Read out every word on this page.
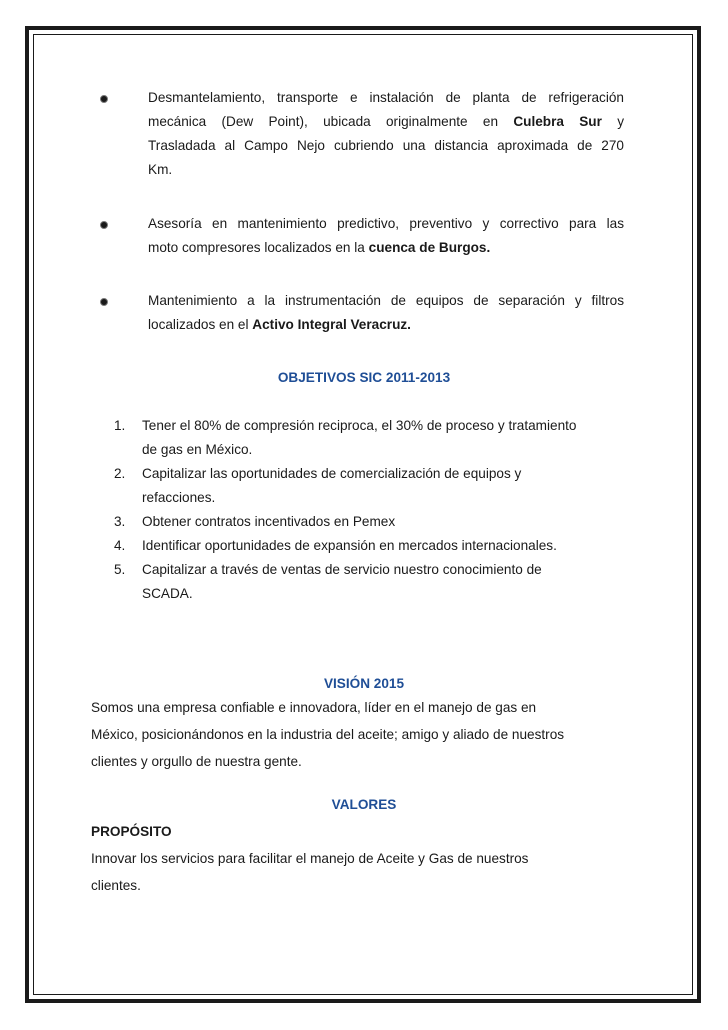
Desmantelamiento, transporte e instalación de planta de refrigeración
mecánica (Dew Point), ubicada originalmente en Culebra Sur y
Trasladada al Campo Nejo cubriendo una distancia aproximada de 270
Km.
Asesoría en mantenimiento predictivo, preventivo y correctivo para las
moto compresores localizados en la cuenca de Burgos.
Mantenimiento a la instrumentación de equipos de separación y filtros
localizados en el Activo Integral Veracruz.
OBJETIVOS SIC 2011-2013
1. Tener el 80% de compresión reciproca, el 30% de proceso y tratamiento
de gas en México.
2. Capitalizar las oportunidades de comercialización de equipos y
refacciones.
3. Obtener contratos incentivados en Pemex
4. Identificar oportunidades de expansión en mercados internacionales.
5. Capitalizar a través de ventas de servicio nuestro conocimiento de
SCADA.
VISIÓN 2015
Somos una empresa confiable e innovadora, líder en el manejo de gas en
México, posicionándonos en la industria del aceite; amigo y aliado de nuestros
clientes y orgullo de nuestra gente.
VALORES
PROPÓSITO
Innovar los servicios para facilitar el manejo de Aceite y Gas de nuestros
clientes.
